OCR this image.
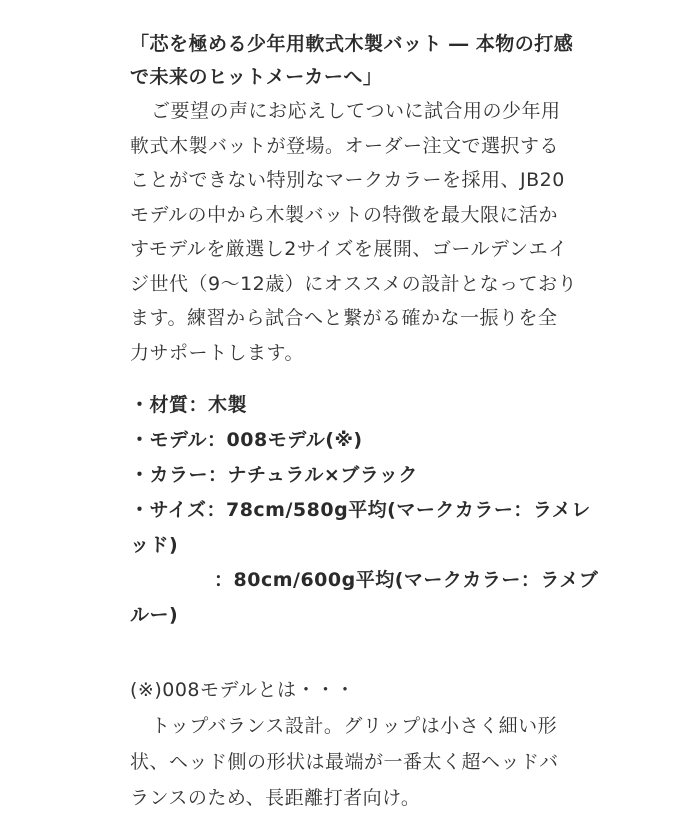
「芯を極める少年用軟式木製バット ― 本物の打感
で未来のヒットメーカーへ」
ご要望の声にお応えしてついに試合用の少年用
軟式木製バットが登場。オーダー注文で選択する
ことができない特別なマークカラーを採用、JB20
モデルの中から木製バットの特徴を最大限に活か
すモデルを厳選し2サイズを展開、ゴールデンエイ
ジ世代（9〜12歳）にオススメの設計となっており
ます。練習から試合へと繋がる確かな一振りを全
力サポートします。
・材質：木製
・モデル：008モデル(※)
・カラー：ナチュラル×ブラック
・サイズ：78cm/580g平均(マークカラー：ラメレ
ッド)
：80cm/600g平均(マークカラー：ラメブ
ルー)
(※)008モデルとは・・・
トップバランス設計。グリップは小さく細い形
状、ヘッド側の形状は最端が一番太く超ヘッドバ
ランスのため、長距離打者向け。
